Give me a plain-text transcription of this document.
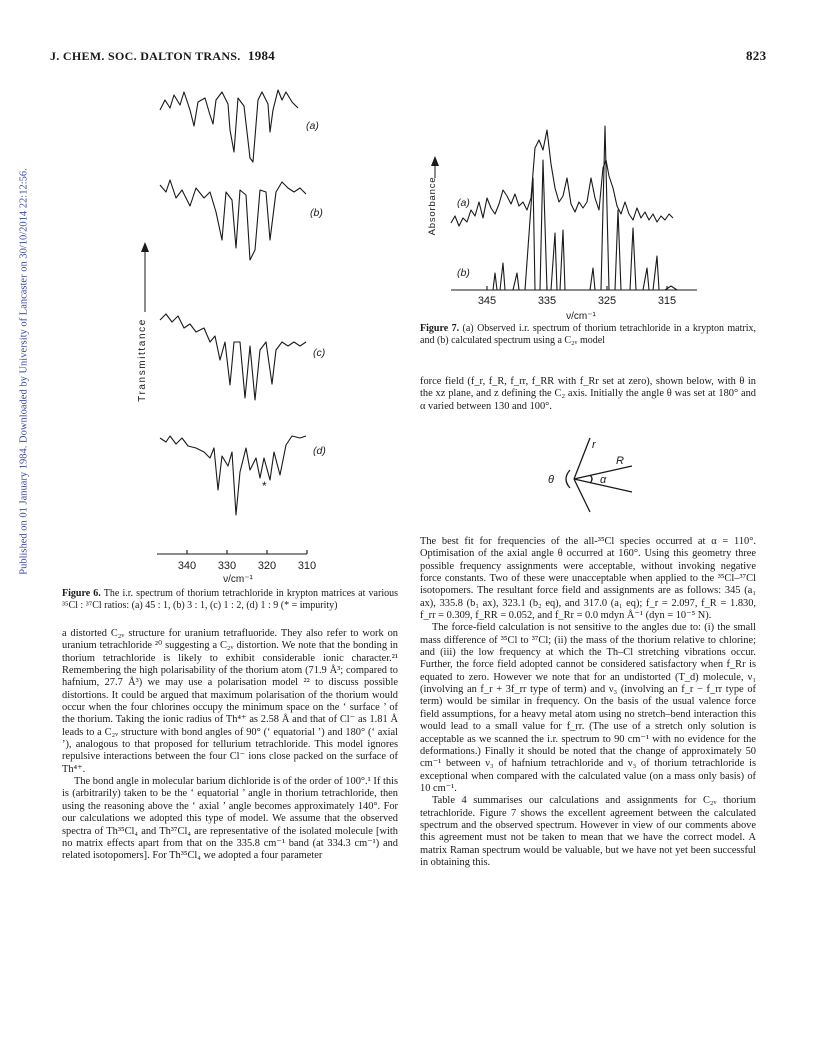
J. CHEM. SOC. DALTON TRANS. 1984	823
Published on 01 January 1984. Downloaded by University of Lancaster on 30/10/2014 22:12:56.	340 330 320 310
ν/cm⁻¹
Transmittance
(a)
(b)
(c)
(d)
*
Figure 6. The i.r. spectrum of thorium tetrachloride in krypton matrices at various ³⁵Cl : ³⁷Cl ratios: (a) 45 : 1, (b) 3 : 1, (c) 1 : 2, (d) 1 : 9 (* = impurity)

a distorted C₂ᵥ structure for uranium tetrafluoride. They also refer to work on uranium tetrachloride ²⁰ suggesting a C₂ᵥ distortion. We note that the bonding in thorium tetrachloride is likely to exhibit considerable ionic character.²¹ Remembering the high polarisability of the thorium atom (71.9 Å³; compared to hafnium, 27.7 Å³) we may use a polarisation model ²² to discuss possible distortions. It could be argued that maximum polarisation of the thorium would occur when the four chlorines occupy the minimum space on the ‘ surface ’ of the thorium. Taking the ionic radius of Th⁴⁺ as 2.58 Å and that of Cl⁻ as 1.81 Å leads to a C₂ᵥ structure with bond angles of 90° (‘ equatorial ’) and 180° (‘ axial ’), analogous to that proposed for tellurium tetrachloride. This model ignores repulsive interactions between the four Cl⁻ ions close packed on the surface of Th⁴⁺.

The bond angle in molecular barium dichloride is of the order of 100°.¹ If this is (arbitrarily) taken to be the ‘ equatorial ’ angle in thorium tetrachloride, then using the reasoning above the ‘ axial ’ angle becomes approximately 140°. For our calculations we adopted this type of model. We assume that the observed spectra of Th³⁵Cl₄ and Th³⁷Cl₄ are representative of the isolated molecule [with no matrix effects apart from that on the 335.8 cm⁻¹ band (at 334.3 cm⁻¹) and related isotopomers]. For Th³⁵Cl₄ we adopted a four parameter

345	335	325	315
ν/cm⁻¹
Absorbance (a)
(b)
Figure 7. (a) Observed i.r. spectrum of thorium tetrachloride in a krypton matrix, and (b) calculated spectrum using a C₂ᵥ model

force field (f_r, f_R, f_rr, f_RR with f_Rr set at zero), shown below, with θ in the xz plane, and z defining the C₂ axis. Initially the angle θ was set at 180° and α varied between 130 and 100°.

r
R
θ	α

The best fit for frequencies of the all-³⁵Cl species occurred at α = 110°. Optimisation of the axial angle θ occurred at 160°. Using this geometry three possible frequency assignments were acceptable, without invoking negative force constants. Two of these were unacceptable when applied to the ³⁵Cl–³⁷Cl isotopomers. The resultant force field and assignments are as follows: 345 (a₁ ax), 335.8 (b₁ ax), 323.1 (b₂ eq), and 317.0 (a₁ eq); f_r = 2.097, f_R = 1.830, f_rr = 0.309, f_RR = 0.052, and f_Rr = 0.0 mdyn Å⁻¹ (dyn = 10⁻⁵ N).

The force-field calculation is not sensitive to the angles due to: (i) the small mass difference of ³⁵Cl to ³⁷Cl; (ii) the mass of the thorium relative to chlorine; and (iii) the low frequency at which the Th–Cl stretching vibrations occur. Further, the force field adopted cannot be considered satisfactory when f_Rr is equated to zero. However we note that for an undistorted (T_d) molecule, ν₁ (involving an f_r + 3f_rr type of term) and ν₃ (involving an f_r − f_rr type of term) would be similar in frequency. On the basis of the usual valence force field assumptions, for a heavy metal atom using no stretch–bend interaction this would lead to a small value for f_rr. (The use of a stretch only solution is acceptable as we scanned the i.r. spectrum to 90 cm⁻¹ with no evidence for the deformations.) Finally it should be noted that the change of approximately 50 cm⁻¹ between ν₃ of hafnium tetrachloride and ν₃ of thorium tetrachloride is exceptional when compared with the calculated value (on a mass only basis) of 10 cm⁻¹.

Table 4 summarises our calculations and assignments for C₂ᵥ thorium tetrachloride. Figure 7 shows the excellent agreement between the calculated spectrum and the observed spectrum. However in view of our comments above this agreement must not be taken to mean that we have the correct model. A matrix Raman spectrum would be valuable, but we have not yet been successful in obtaining this.
